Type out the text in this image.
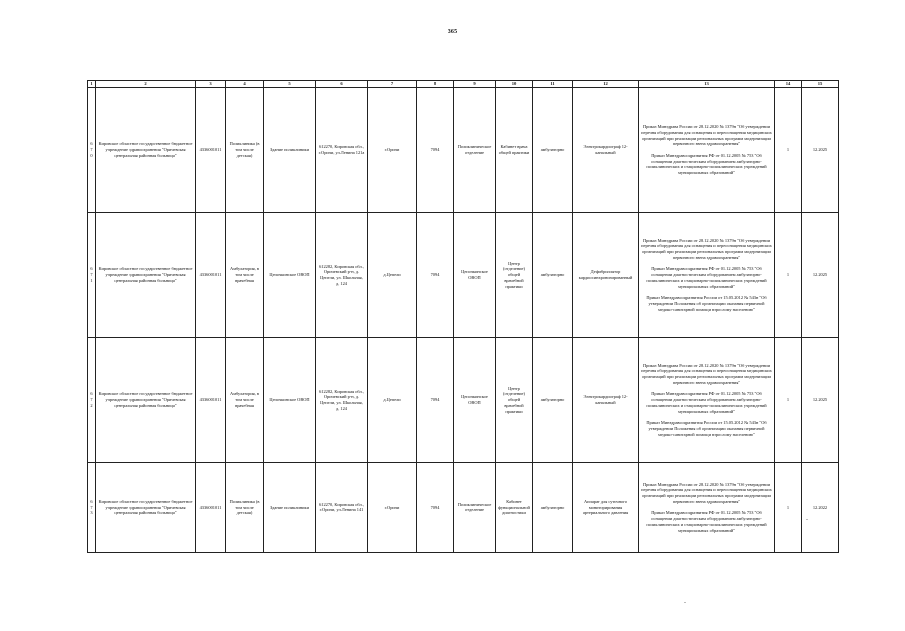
365
1	2	3	4	5	6	7	8	9	10	11	12	13	14	15
670	Кировское областное государственное бюджетное учреждение здравоохранения "Оричевская центральная районная больница"	4336001011	Поликлиника (в том числе детская)	Здание поликлиники	612270, Кировская обл., г.Оричи, ул.Ленина 121а	г.Оричи	7094	Поликлиническое отделение	Кабинет врача общей практики	амбулаторно	Электрокардиограф 12-канальный	Приказ Минздрава России от 28.12.2020 № 1379н "Об утверждении перечня оборудования для оснащения и переоснащения медицинских организаций при реализации региональных программ модернизации первичного звена здравоохранения"
Приказ Минздравсоцразвития РФ от 01.12.2005 № 753 "Об оснащении диагностическим оборудованием амбулаторно-поликлинических и стационарно-поликлинических учреждений муниципальных образований"	1	12.2025
671	Кировское областное государственное бюджетное учреждение здравоохранения "Оричевская центральная районная больница"	4336001011	Амбулатория, в том числе врачебная	Цепочкинское ОВОП	612282, Кировская обл., Оричевский р-н, д. Цепели, ул. Школьная, д. 124	д.Цепели	7094	Цепочкинское ОВОП	Центр (отделение) общей врачебной практики	амбулаторно	Дефибриллятор кардиосинхронизированный	Приказ Минздрава России от 28.12.2020 № 1379н "Об утверждении перечня оборудования для оснащения и переоснащения медицинских организаций при реализации региональных программ модернизации первичного звена здравоохранения"
Приказ Минздравсоцразвития РФ от 01.12.2005 № 753 "Об оснащении диагностическим оборудованием амбулаторно-поликлинических и стационарно-поликлинических учреждений муниципальных образований"
Приказ Минздравсоцразвития России от 15.05.2012 № 543н "Об утверждении Положения об организации оказания первичной медико-санитарной помощи взрослому населению"	1	12.2025
672	Кировское областное государственное бюджетное учреждение здравоохранения "Оричевская центральная районная больница"	4336001011	Амбулатория, в том числе врачебная	Цепочкинское ОВОП	612282, Кировская обл., Оричевский р-н, д. Цепели, ул. Школьная, д. 124	д.Цепели	7094	Цепочкинское ОВОП	Центр (отделение) общей врачебной практики	амбулаторно	Электрокардиограф 12-канальный	Приказ Минздрава России от 28.12.2020 № 1379н "Об утверждении перечня оборудования для оснащения и переоснащения медицинских организаций при реализации региональных программ модернизации первичного звена здравоохранения"
Приказ Минздравсоцразвития РФ от 01.12.2005 № 753 "Об оснащении диагностическим оборудованием амбулаторно-поликлинических и стационарно-поликлинических учреждений муниципальных образований"
Приказ Минздравсоцразвития России от 15.05.2012 № 543н "Об утверждении Положения об организации оказания первичной медико-санитарной помощи взрослому населению"	1	12.2025
673	Кировское областное государственное бюджетное учреждение здравоохранения "Оричевская центральная районная больница"	4336001011	Поликлиника (в том числе детская)	Здание поликлиники	612270, Кировская обл., г.Оричи, ул.Ленина 141	г.Оричи	7094	Поликлиническое отделение	Кабинет функциональной диагностики	амбулаторно	Аппарат для суточного мониторирования артериального давления	Приказ Минздрава России от 28.12.2020 № 1379н "Об утверждении перечня оборудования для оснащения и переоснащения медицинских организаций при реализации региональных программ модернизации первичного звена здравоохранения"
Приказ Минздравсоцразвития РФ от 01.12.2005 № 753 "Об оснащении диагностическим оборудованием амбулаторно-поликлинических и стационарно-поликлинических учреждений муниципальных образований"	1	12.2022
